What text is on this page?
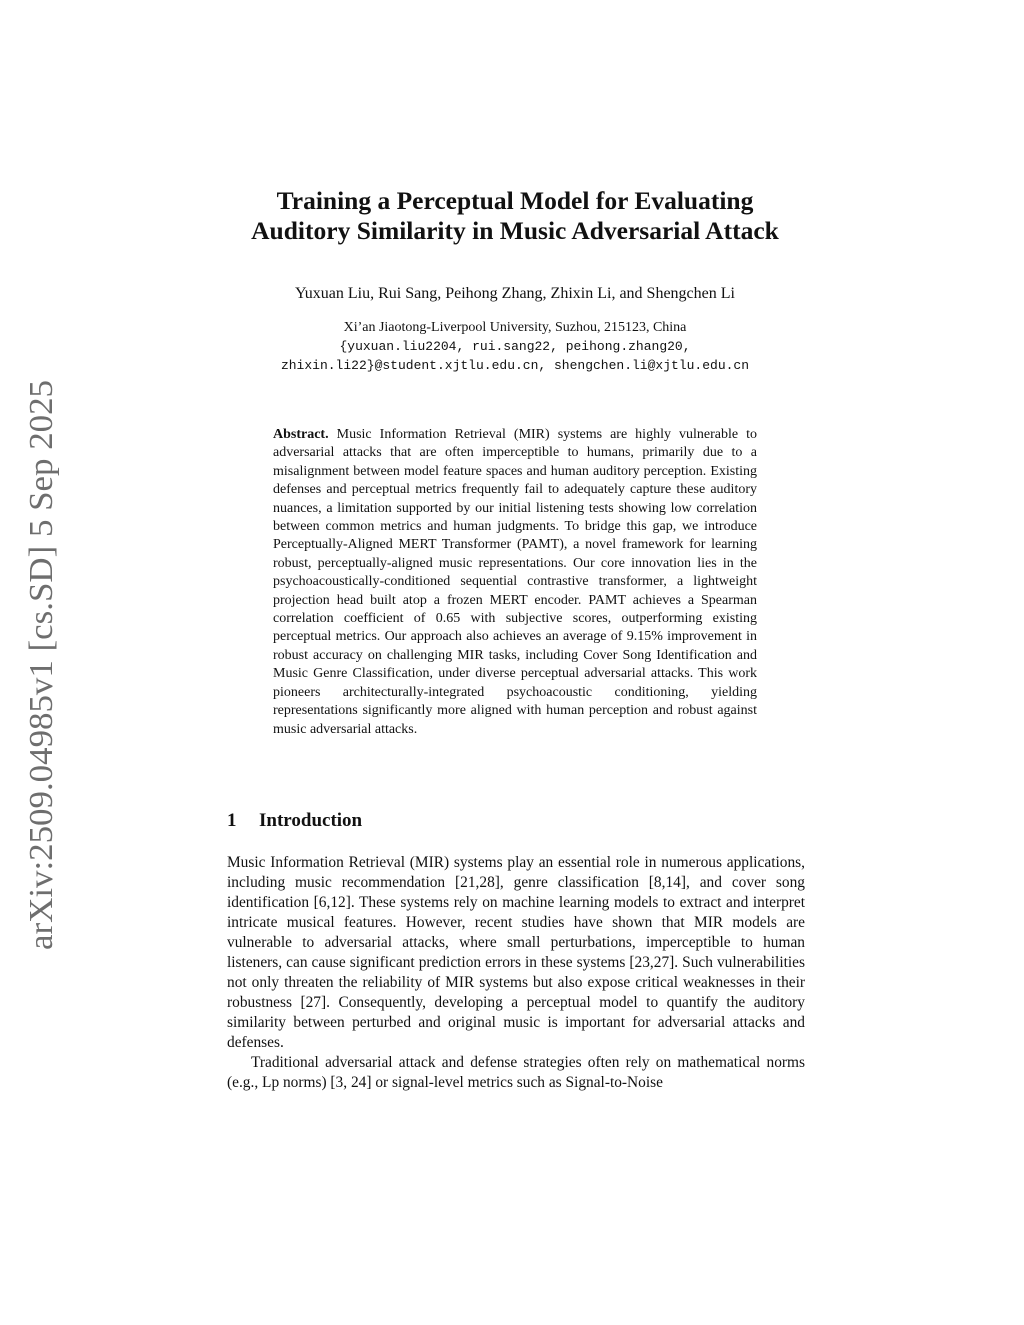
arXiv:2509.04985v1 [cs.SD] 5 Sep 2025
Training a Perceptual Model for Evaluating
Auditory Similarity in Music Adversarial Attack
Yuxuan Liu, Rui Sang, Peihong Zhang, Zhixin Li, and Shengchen Li
Xi’an Jiaotong-Liverpool University, Suzhou, 215123, China
{yuxuan.liu2204, rui.sang22, peihong.zhang20,
zhixin.li22}@student.xjtlu.edu.cn, shengchen.li@xjtlu.edu.cn

Abstract. Music Information Retrieval (MIR) systems are highly vulnerable to adversarial attacks that are often imperceptible to humans, primarily due to a misalignment between model feature spaces and human auditory perception. Existing defenses and perceptual metrics frequently fail to adequately capture these auditory nuances, a limitation supported by our initial listening tests showing low correlation between common metrics and human judgments. To bridge this gap, we introduce Perceptually-Aligned MERT Transformer (PAMT), a novel framework for learning robust, perceptually-aligned music representations. Our core innovation lies in the psychoacoustically-conditioned sequential contrastive transformer, a lightweight projection head built atop a frozen MERT encoder. PAMT achieves a Spearman correlation coefficient of 0.65 with subjective scores, outperforming existing perceptual metrics. Our approach also achieves an average of 9.15% improvement in robust accuracy on challenging MIR tasks, including Cover Song Identification and Music Genre Classification, under diverse perceptual adversarial attacks. This work pioneers architecturally-integrated psychoacoustic conditioning, yielding representations significantly more aligned with human perception and robust against music adversarial attacks.

1 Introduction

Music Information Retrieval (MIR) systems play an essential role in numerous applications, including music recommendation [21,28], genre classification [8,14], and cover song identification [6,12]. These systems rely on machine learning models to extract and interpret intricate musical features. However, recent studies have shown that MIR models are vulnerable to adversarial attacks, where small perturbations, imperceptible to human listeners, can cause significant prediction errors in these systems [23,27]. Such vulnerabilities not only threaten the reliability of MIR systems but also expose critical weaknesses in their robustness [27]. Consequently, developing a perceptual model to quantify the auditory similarity between perturbed and original music is important for adversarial attacks and defenses.

Traditional adversarial attack and defense strategies often rely on mathematical norms (e.g., Lp norms) [3, 24] or signal-level metrics such as Signal-to-Noise
